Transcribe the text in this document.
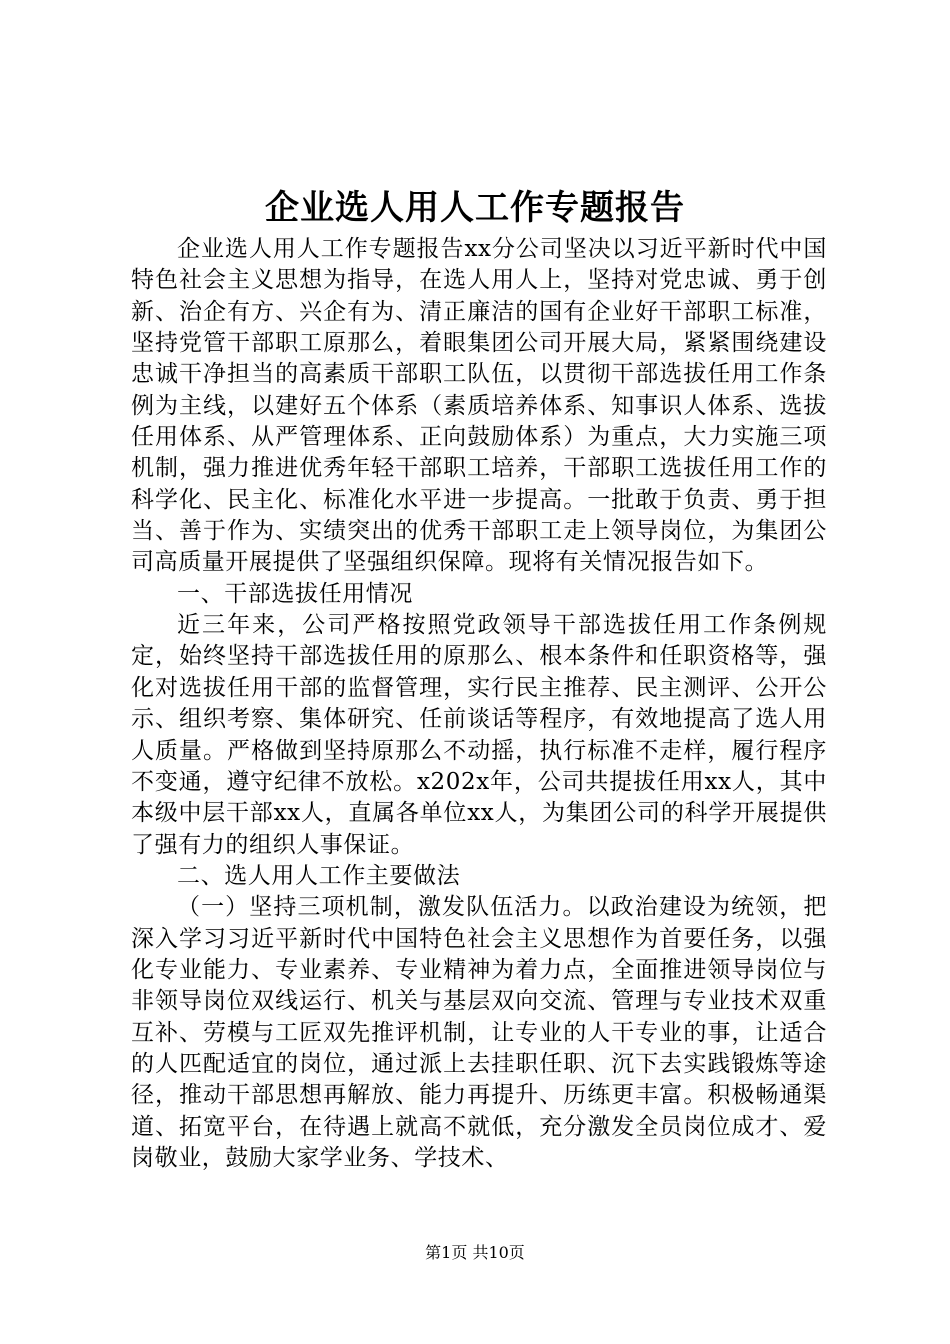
企业选人用人工作专题报告

企业选人用人工作专题报告xx分公司坚决以习近平新时代中国特色社会主义思想为指导，在选人用人上，坚持对党忠诚、勇于创新、治企有方、兴企有为、清正廉洁的国有企业好干部职工标准，坚持党管干部职工原那么，着眼集团公司开展大局，紧紧围绕建设忠诚干净担当的高素质干部职工队伍，以贯彻干部选拔任用工作条例为主线，以建好五个体系（素质培养体系、知事识人体系、选拔任用体系、从严管理体系、正向鼓励体系）为重点，大力实施三项机制，强力推进优秀年轻干部职工培养，干部职工选拔任用工作的科学化、民主化、标准化水平进一步提高。一批敢于负责、勇于担当、善于作为、实绩突出的优秀干部职工走上领导岗位，为集团公司高质量开展提供了坚强组织保障。现将有关情况报告如下。

一、干部选拔任用情况

近三年来，公司严格按照党政领导干部选拔任用工作条例规定，始终坚持干部选拔任用的原那么、根本条件和任职资格等，强化对选拔任用干部的监督管理，实行民主推荐、民主测评、公开公示、组织考察、集体研究、任前谈话等程序，有效地提高了选人用人质量。严格做到坚持原那么不动摇，执行标准不走样，履行程序不变通，遵守纪律不放松。x202x年，公司共提拔任用xx人，其中本级中层干部xx人，直属各单位xx人，为集团公司的科学开展提供了强有力的组织人事保证。

二、选人用人工作主要做法

（一）坚持三项机制，激发队伍活力。以政治建设为统领，把深入学习习近平新时代中国特色社会主义思想作为首要任务，以强化专业能力、专业素养、专业精神为着力点，全面推进领导岗位与非领导岗位双线运行、机关与基层双向交流、管理与专业技术双重互补、劳模与工匠双先推评机制，让专业的人干专业的事，让适合的人匹配适宜的岗位，通过派上去挂职任职、沉下去实践锻炼等途径，推动干部思想再解放、能力再提升、历练更丰富。积极畅通渠道、拓宽平台，在待遇上就高不就低，充分激发全员岗位成才、爱岗敬业，鼓励大家学业务、学技术、

第1页 共10页
